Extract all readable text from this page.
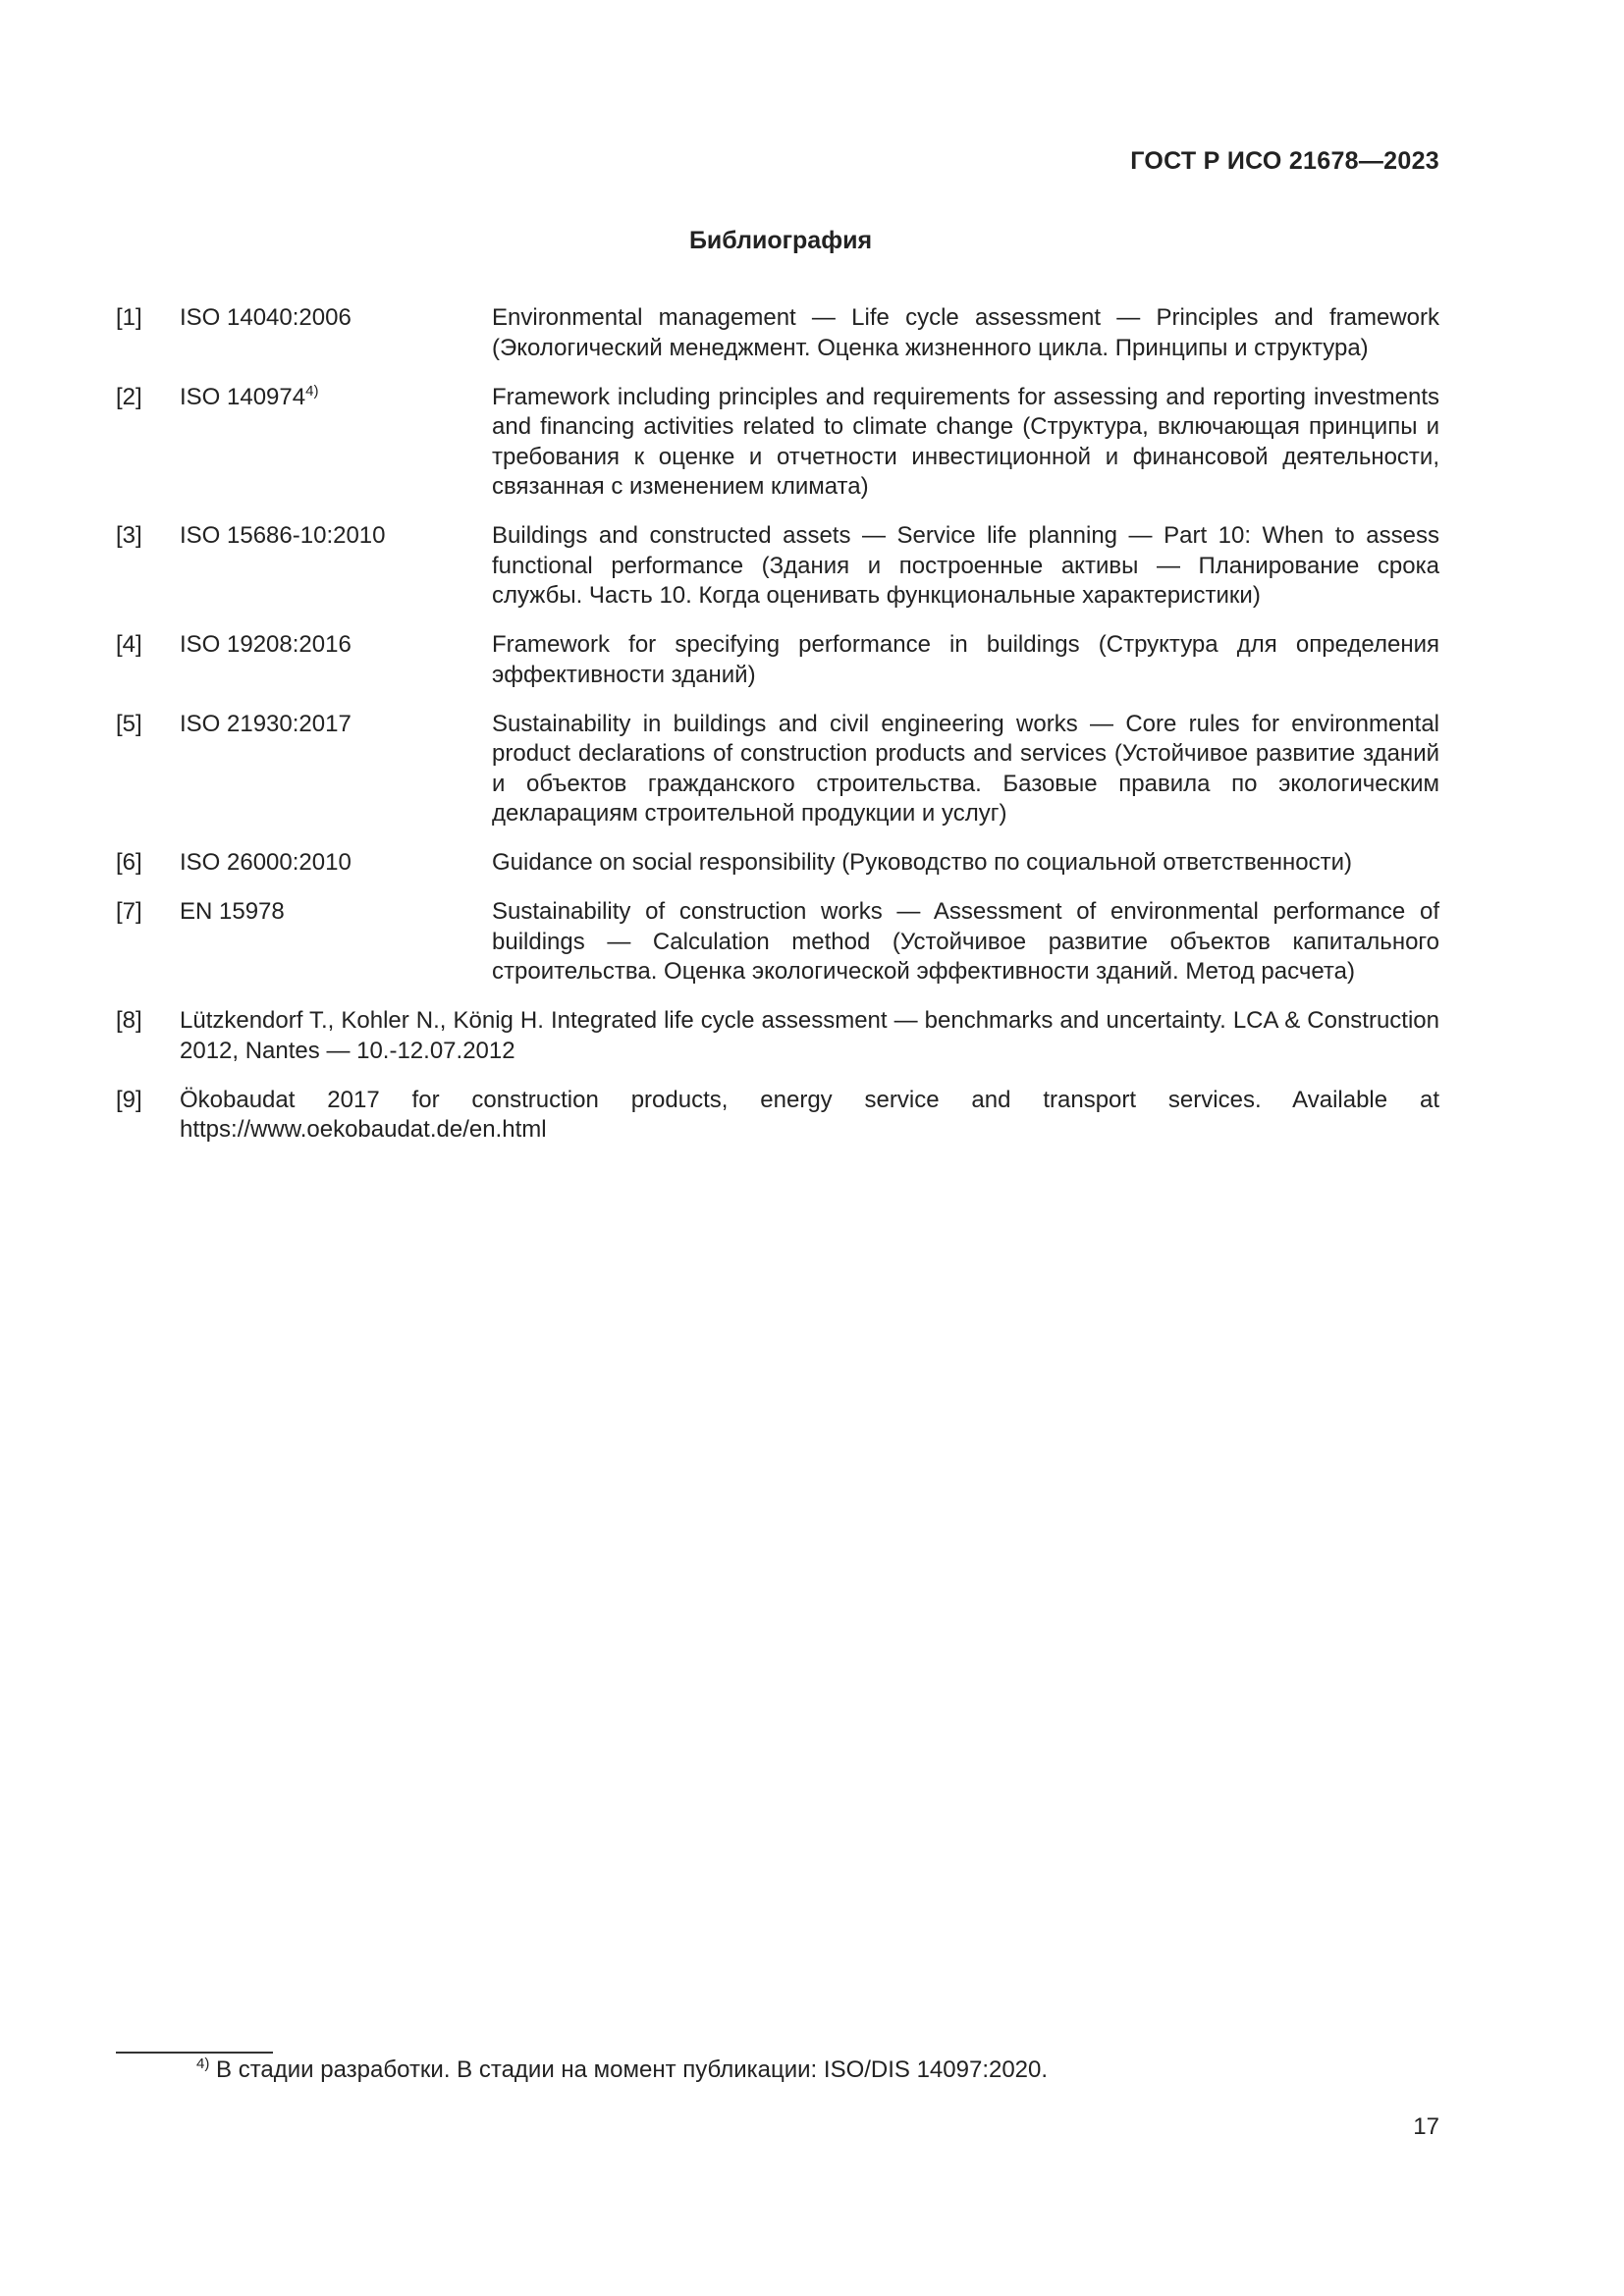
ГОСТ Р ИСО 21678—2023
Библиография
[1] ISO 14040:2006	Environmental management — Life cycle assessment — Principles and framework (Экологический менеджмент. Оценка жизненного цикла. Принципы и структура)
[2] ISO 140974$^{4)}$	Framework including principles and requirements for assessing and reporting investments and financing activities related to climate change (Структура, включающая принципы и требования к оценке и отчетности инвестиционной и финансовой деятельности, связанная с изменением климата)
[3] ISO 15686-10:2010	Buildings and constructed assets — Service life planning — Part 10: When to assess functional performance (Здания и построенные активы — Планирование срока службы. Часть 10. Когда оценивать функциональные характеристики)
[4] ISO 19208:2016	Framework for specifying performance in buildings (Структура для определения эффективности зданий)
[5] ISO 21930:2017	Sustainability in buildings and civil engineering works — Core rules for environmental product declarations of construction products and services (Устойчивое развитие зданий и объектов гражданского строительства. Базовые правила по экологическим декларациям строительной продукции и услуг)
[6] ISO 26000:2010	Guidance on social responsibility (Руководство по социальной ответственности)
[7] EN 15978	Sustainability of construction works — Assessment of environmental performance of buildings — Calculation method (Устойчивое развитие объектов капитального строительства. Оценка экологической эффективности зданий. Метод расчета)
[8] Lützkendorf T., Kohler N., König H. Integrated life cycle assessment — benchmarks and uncertainty. LCA & Construction 2012, Nantes — 10.-12.07.2012
[9] Ökobaudat 2017 for construction products, energy service and transport services. Available at https://www.oekobaudat.de/en.html
$^{4)}$ В стадии разработки. В стадии на момент публикации: ISO/DIS 14097:2020.
17
